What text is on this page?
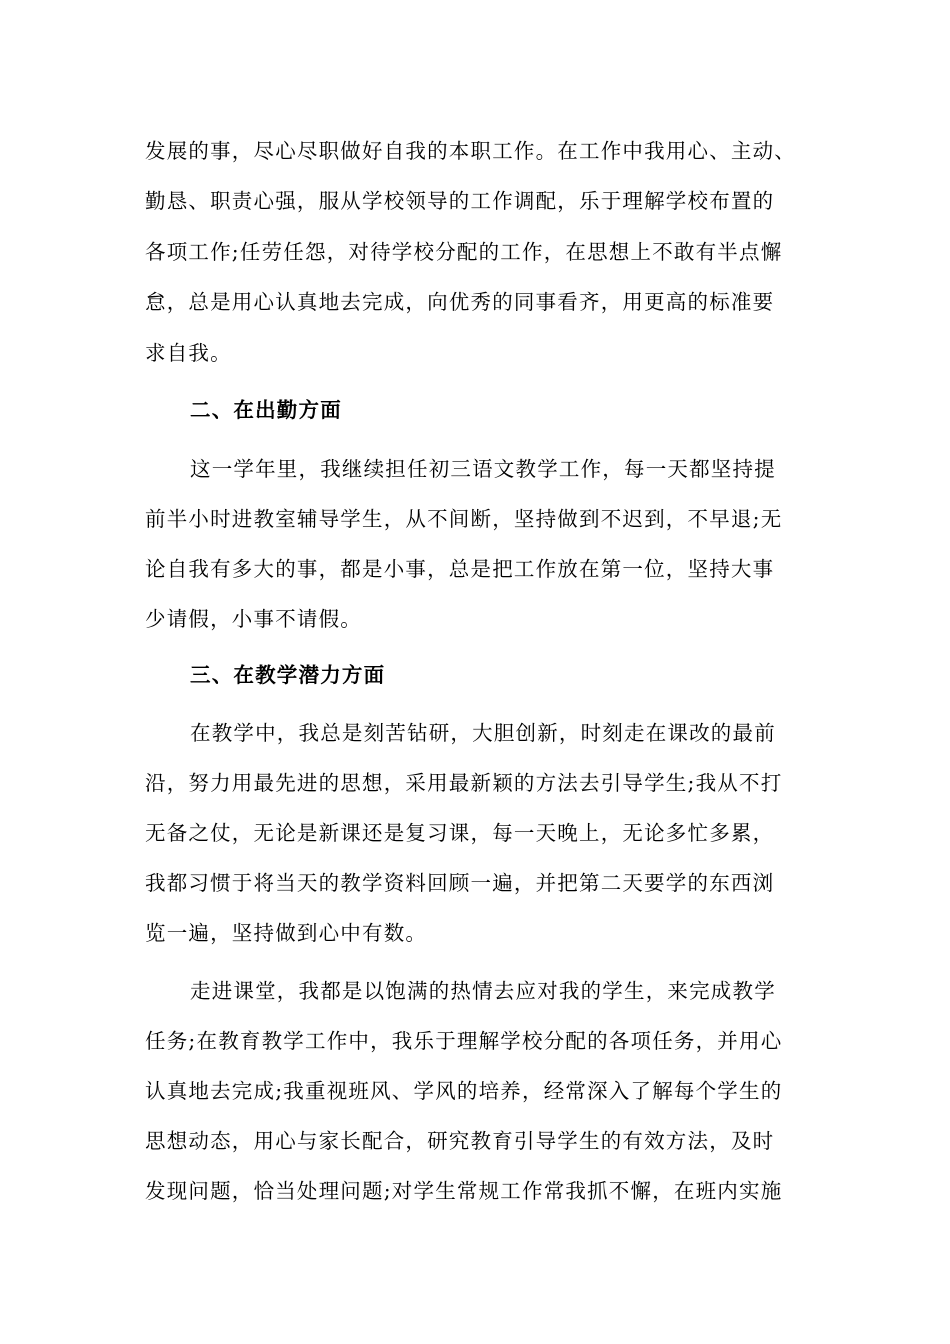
发展的事，尽心尽职做好自我的本职工作。在工作中我用心、主动、
勤恳、职责心强，服从学校领导的工作调配，乐于理解学校布置的
各项工作;任劳任怨，对待学校分配的工作，在思想上不敢有半点懈
怠，总是用心认真地去完成，向优秀的同事看齐，用更高的标准要
求自我。
二、在出勤方面
这一学年里，我继续担任初三语文教学工作，每一天都坚持提
前半小时进教室辅导学生，从不间断，坚持做到不迟到，不早退;无
论自我有多大的事，都是小事，总是把工作放在第一位，坚持大事
少请假，小事不请假。
三、在教学潜力方面
在教学中，我总是刻苦钻研，大胆创新，时刻走在课改的最前
沿，努力用最先进的思想，采用最新颖的方法去引导学生;我从不打
无备之仗，无论是新课还是复习课，每一天晚上，无论多忙多累，
我都习惯于将当天的教学资料回顾一遍，并把第二天要学的东西浏
览一遍，坚持做到心中有数。
走进课堂，我都是以饱满的热情去应对我的学生，来完成教学
任务;在教育教学工作中，我乐于理解学校分配的各项任务，并用心
认真地去完成;我重视班风、学风的培养，经常深入了解每个学生的
思想动态，用心与家长配合，研究教育引导学生的有效方法，及时
发现问题，恰当处理问题;对学生常规工作常我抓不懈，在班内实施
